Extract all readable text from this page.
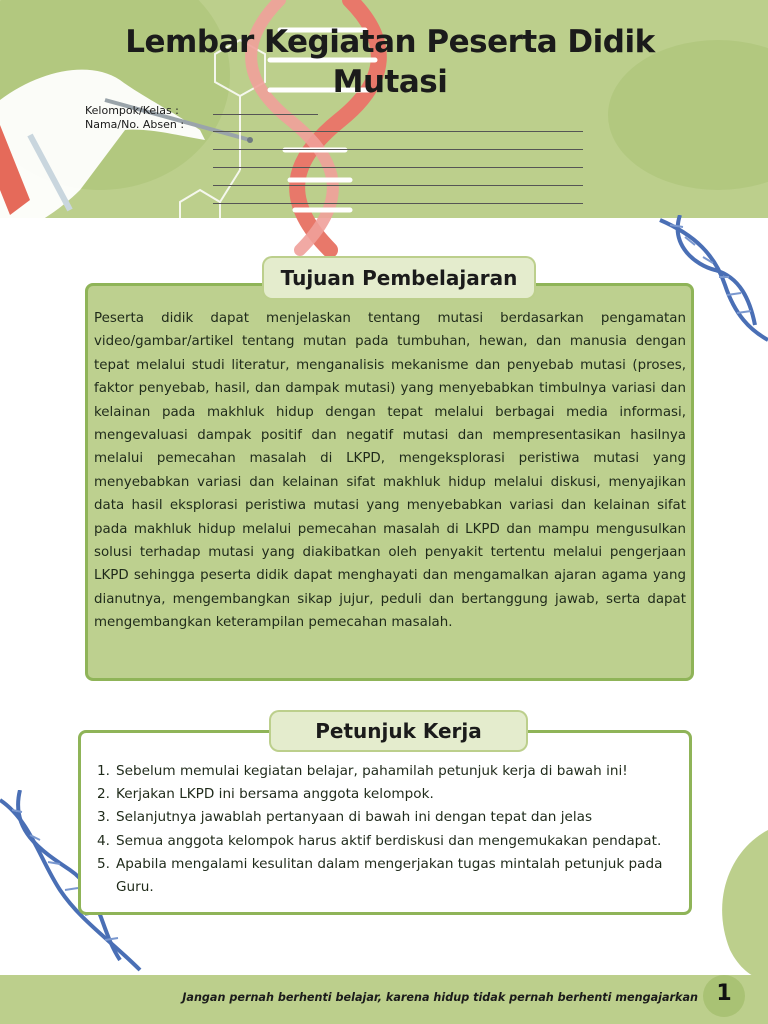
Lembar Kegiatan Peserta Didik
Mutasi
Kelompok/Kelas :
Nama/No. Absen :
Tujuan Pembelajaran
Peserta didik dapat menjelaskan tentang mutasi berdasarkan pengamatan video/gambar/artikel tentang mutan pada tumbuhan, hewan, dan manusia dengan tepat melalui studi literatur, menganalisis mekanisme dan penyebab mutasi (proses, faktor penyebab, hasil, dan dampak mutasi) yang menyebabkan timbulnya variasi dan kelainan pada makhluk hidup dengan tepat melalui berbagai media informasi, mengevaluasi dampak positif dan negatif mutasi dan mempresentasikan hasilnya melalui pemecahan masalah di LKPD, mengeksplorasi peristiwa mutasi yang menyebabkan variasi dan kelainan sifat makhluk hidup melalui diskusi, menyajikan data hasil eksplorasi peristiwa mutasi yang menyebabkan variasi dan kelainan sifat pada makhluk hidup melalui pemecahan masalah di LKPD dan mampu mengusulkan solusi terhadap mutasi yang diakibatkan oleh penyakit tertentu melalui pengerjaan LKPD sehingga peserta didik dapat menghayati dan mengamalkan ajaran agama yang dianutnya, mengembangkan sikap jujur, peduli dan bertanggung jawab, serta dapat mengembangkan keterampilan pemecahan masalah.
Petunjuk Kerja
1. Sebelum memulai kegiatan belajar, pahamilah petunjuk kerja di bawah ini!
2. Kerjakan LKPD ini bersama anggota kelompok.
3. Selanjutnya jawablah pertanyaan di bawah ini dengan tepat dan jelas
4. Semua anggota kelompok harus aktif berdiskusi dan mengemukakan pendapat.
5. Apabila mengalami kesulitan dalam mengerjakan tugas mintalah petunjuk pada Guru.
Jangan pernah berhenti belajar, karena hidup tidak pernah berhenti mengajarkan 1
